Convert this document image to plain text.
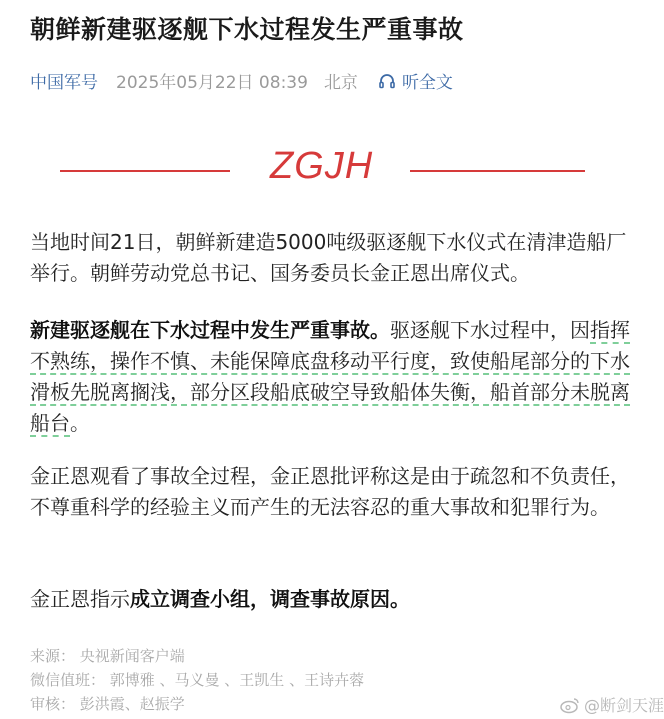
朝鲜新建驱逐舰下水过程发生严重事故
中国军号 2025年05月22日 08:39 北京	听全文
ZGJH
当地时间21日，朝鲜新建造5000吨级驱逐舰下水仪式在清津造船厂举行。朝鲜劳动党总书记、国务委员长金正恩出席仪式。
新建驱逐舰在下水过程中发生严重事故。驱逐舰下水过程中，因指挥不熟练，操作不慎、未能保障底盘移动平行度，致使船尾部分的下水滑板先脱离搁浅，部分区段船底破空导致船体失衡，船首部分未脱离船台。
金正恩观看了事故全过程，金正恩批评称这是由于疏忽和不负责任，不尊重科学的经验主义而产生的无法容忍的重大事故和犯罪行为。
金正恩指示成立调查小组，调查事故原因。
来源： 央视新闻客户端
微信值班： 郭博雅 、马义曼 、王凯生 、王诗卉蓉
审核： 彭洪霞、赵振学	@断剑天涯
